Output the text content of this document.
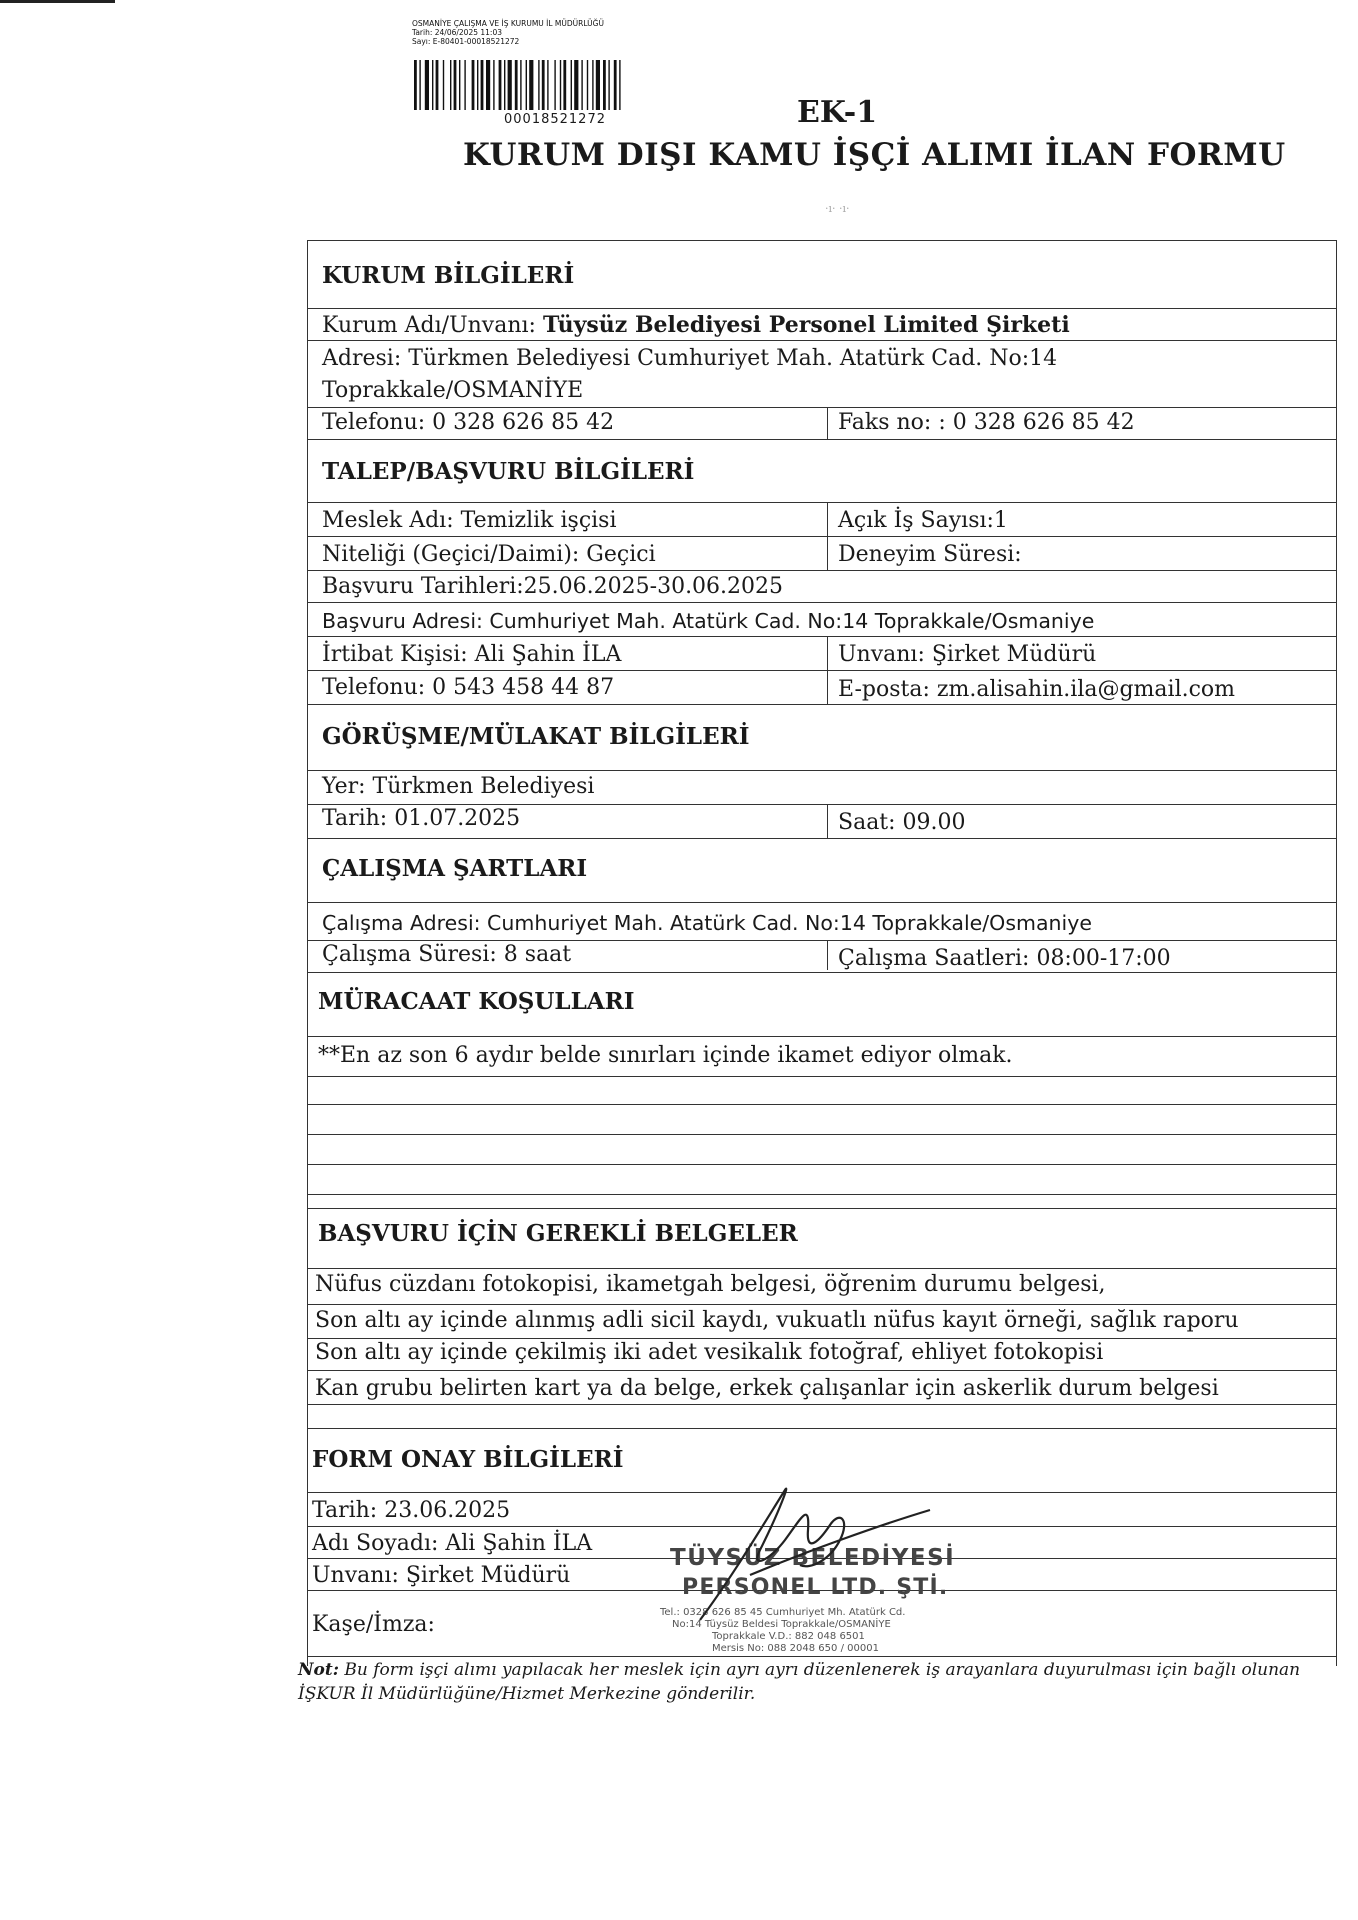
OSMANİYE ÇALIŞMA VE İŞ KURUMU İL MÜDÜRLÜĞÜ
Tarih: 24/06/2025 11:03
Sayı: E-80401-00018521272
00018521272	EK-1
KURUM DIŞI KAMU İŞÇİ ALIMI İLAN FORMU
·ı· ·ı·
KURUM BİLGİLERİ
Kurum Adı/Unvanı: Tüysüz Belediyesi Personel Limited Şirketi
Adresi: Türkmen Belediyesi Cumhuriyet Mah. Atatürk Cad. No:14
Toprakkale/OSMANİYE
Telefonu: 0 328 626 85 42	Faks no: : 0 328 626 85 42
TALEP/BAŞVURU BİLGİLERİ
Meslek Adı: Temizlik işçisi	Açık İş Sayısı:1
Niteliği (Geçici/Daimi): Geçici	Deneyim Süresi:
Başvuru Tarihleri:25.06.2025-30.06.2025
Başvuru Adresi: Cumhuriyet Mah. Atatürk Cad. No:14 Toprakkale/Osmaniye
İrtibat Kişisi: Ali Şahin İLA	Unvanı: Şirket Müdürü
Telefonu: 0 543 458 44 87	E-posta: zm.alisahin.ila@gmail.com
GÖRÜŞME/MÜLAKAT BİLGİLERİ
Yer: Türkmen Belediyesi
Tarih: 01.07.2025	Saat: 09.00
ÇALIŞMA ŞARTLARI
Çalışma Adresi: Cumhuriyet Mah. Atatürk Cad. No:14 Toprakkale/Osmaniye
Çalışma Süresi: 8 saat	Çalışma Saatleri: 08:00-17:00
MÜRACAAT KOŞULLARI
**En az son 6 aydır belde sınırları içinde ikamet ediyor olmak.
BAŞVURU İÇİN GEREKLİ BELGELER
Nüfus cüzdanı fotokopisi, ikametgah belgesi, öğrenim durumu belgesi,
Son altı ay içinde alınmış adli sicil kaydı, vukuatlı nüfus kayıt örneği, sağlık raporu
Son altı ay içinde çekilmiş iki adet vesikalık fotoğraf, ehliyet fotokopisi
Kan grubu belirten kart ya da belge, erkek çalışanlar için askerlik durum belgesi
FORM ONAY BİLGİLERİ
Tarih: 23.06.2025
Adı Soyadı: Ali Şahin İLA
Unvanı: Şirket Müdürü
Kaşe/İmza:
TÜYSÜZ BELEDİYESİ
PERSONEL LTD. ŞTİ.
Tel.: 0328 626 85 45 Cumhuriyet Mh. Atatürk Cd.
No:14 Tüysüz Beldesi Toprakkale/OSMANİYE
Toprakkale V.D.: 882 048 6501
Mersis No: 088 2048 650 / 00001
Not: Bu form işçi alımı yapılacak her meslek için ayrı ayrı düzenlenerek iş arayanlara duyurulması için bağlı olunan İŞKUR İl Müdürlüğüne/Hizmet Merkezine gönderilir.
